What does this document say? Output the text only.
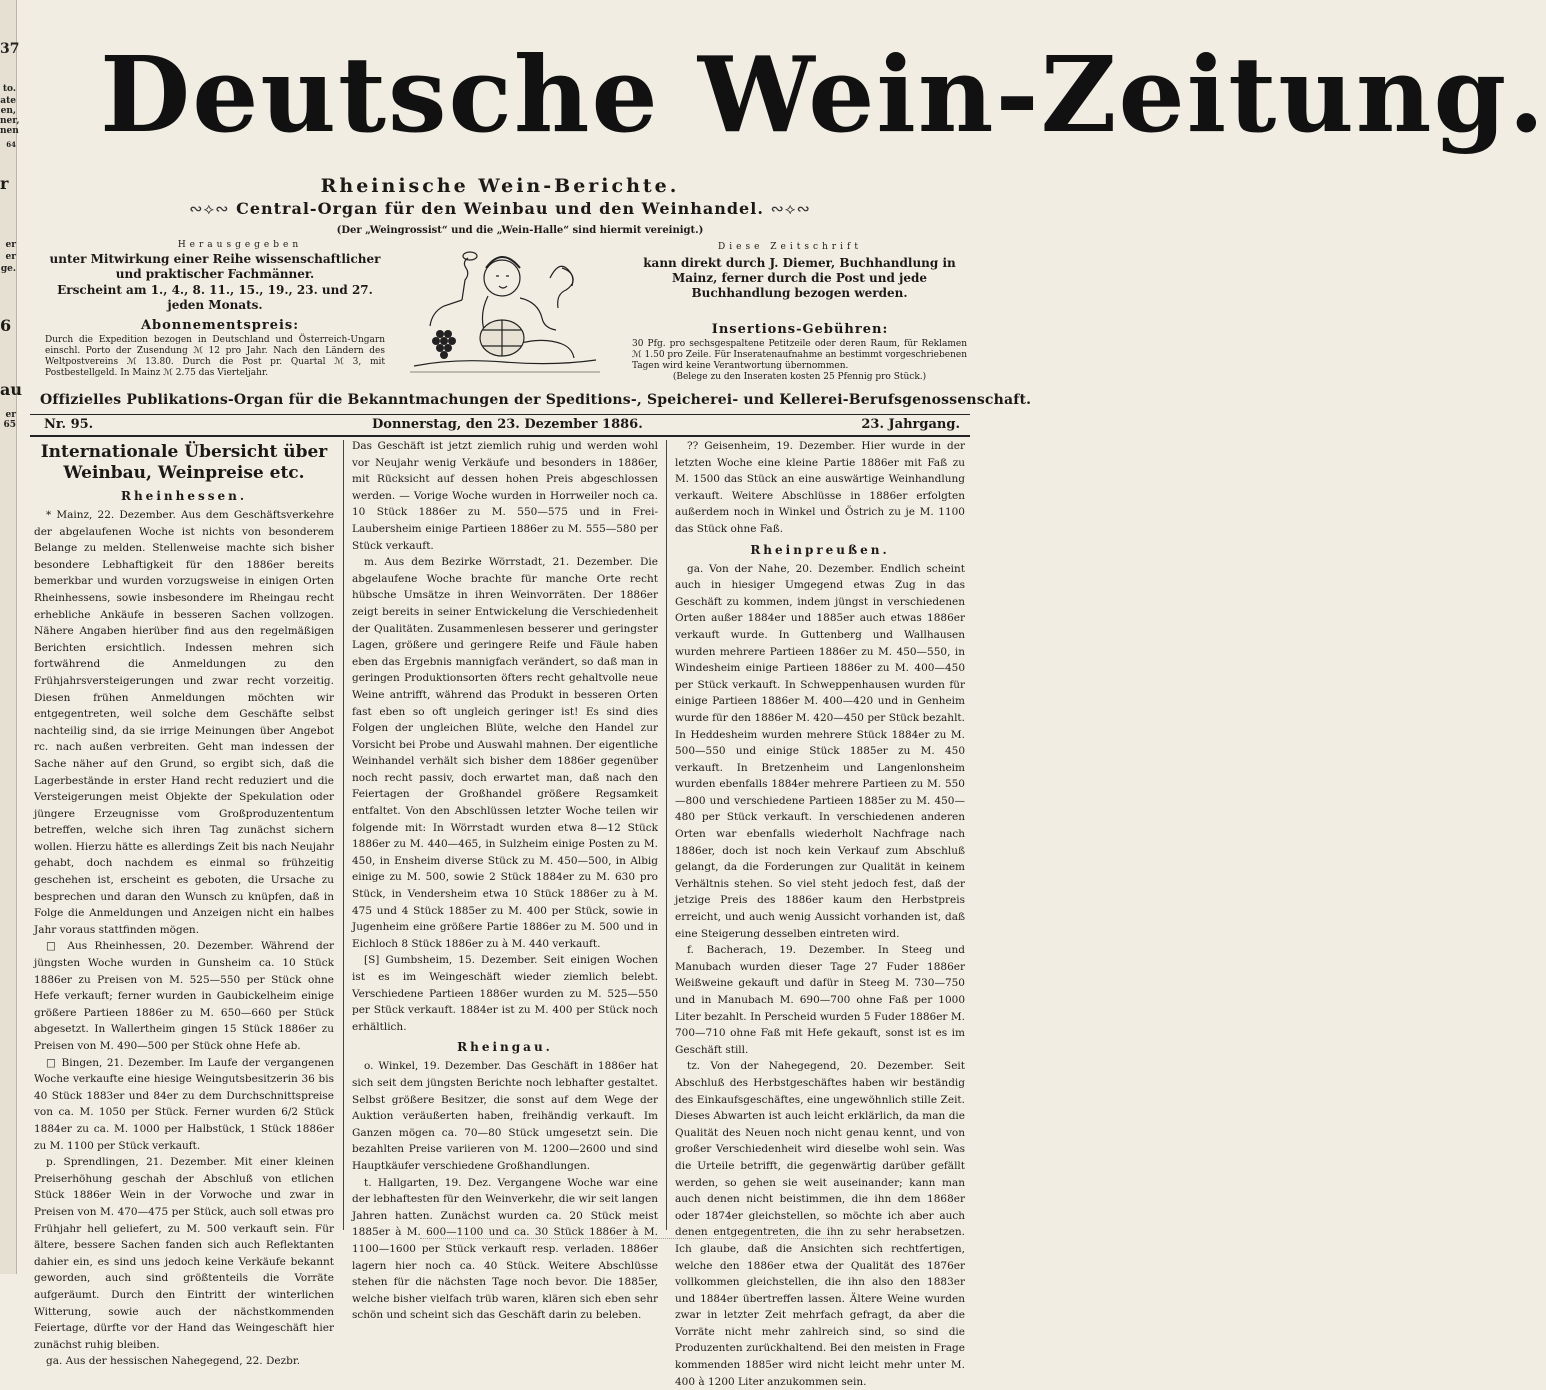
37
to.
ate
en,
ner,
nen
64
r
er
er
ge.
6
au
er
65
Deutsche Wein-Zeitung.
Rheinische Wein-Berichte.
∾⟡∾ Central-Organ für den Weinbau und den Weinhandel. ∾⟡∾
(Der „Weingrossist“ und die „Wein-Halle“ sind hiermit vereinigt.)
Herausgegeben
unter Mitwirkung einer Reihe wissenschaftlicher und praktischer Fachmänner.
Erscheint am 1., 4., 8. 11., 15., 19., 23. und 27. jeden Monats.
Diese Zeitschrift
kann direkt durch J. Diemer, Buchhandlung in Mainz, ferner durch die Post und jede Buchhandlung bezogen werden.
Abonnementspreis:
Durch die Expedition bezogen in Deutschland und Österreich-Ungarn einschl. Porto der Zusendung ℳ 12 pro Jahr. Nach den Ländern des Weltpostvereins ℳ 13.80. Durch die Post pr. Quartal ℳ 3, mit Postbestellgeld. In Mainz ℳ 2.75 das Vierteljahr.
Insertions-Gebühren:
30 Pfg. pro sechsgespaltene Petitzeile oder deren Raum, für Reklamen ℳ 1.50 pro Zeile. Für Inseratenaufnahme an bestimmt vorgeschriebenen Tagen wird keine Verantwortung übernommen.
(Belege zu den Inseraten kosten 25 Pfennig pro Stück.)
Offizielles Publikations-Organ für die Bekanntmachungen der Speditions-, Speicherei- und Kellerei-Berufsgenossenschaft.
Nr. 95.	Donnerstag, den 23. Dezember 1886.	23. Jahrgang.
Internationale Übersicht über Weinbau, Weinpreise etc.
Rheinhessen.

* Mainz, 22. Dezember. Aus dem Geschäftsverkehre der abgelaufenen Woche ist nichts von besonderem Belange zu melden. Stellenweise machte sich bisher besondere Lebhaftigkeit für den 1886er bereits bemerkbar und wurden vorzugsweise in einigen Orten Rheinhessens, sowie insbesondere im Rheingau recht erhebliche Ankäufe in besseren Sachen vollzogen. Nähere Angaben hierüber find aus den regelmäßigen Berichten ersichtlich. Indessen mehren sich fortwährend die Anmeldungen zu den Frühjahrsversteigerungen und zwar recht vorzeitig. Diesen frühen Anmeldungen möchten wir entgegentreten, weil solche dem Geschäfte selbst nachteilig sind, da sie irrige Meinungen über Angebot rc. nach außen verbreiten. Geht man indessen der Sache näher auf den Grund, so ergibt sich, daß die Lagerbestände in erster Hand recht reduziert und die Versteigerungen meist Objekte der Spekulation oder jüngere Erzeugnisse vom Großproduzententum betreffen, welche sich ihren Tag zunächst sichern wollen. Hierzu hätte es allerdings Zeit bis nach Neujahr gehabt, doch nachdem es einmal so frühzeitig geschehen ist, erscheint es geboten, die Ursache zu besprechen und daran den Wunsch zu knüpfen, daß in Folge die Anmeldungen und Anzeigen nicht ein halbes Jahr voraus stattfinden mögen.

□ Aus Rheinhessen, 20. Dezember. Während der jüngsten Woche wurden in Gunsheim ca. 10 Stück 1886er zu Preisen von M. 525—550 per Stück ohne Hefe verkauft; ferner wurden in Gaubickelheim einige größere Partieen 1886er zu M. 650—660 per Stück abgesetzt. In Wallertheim gingen 15 Stück 1886er zu Preisen von M. 490—500 per Stück ohne Hefe ab.

□ Bingen, 21. Dezember. Im Laufe der vergangenen Woche verkaufte eine hiesige Weingutsbesitzerin 36 bis 40 Stück 1883er und 84er zu dem Durchschnittspreise von ca. M. 1050 per Stück. Ferner wurden 6/2 Stück 1884er zu ca. M. 1000 per Halbstück, 1 Stück 1886er zu M. 1100 per Stück verkauft.

p. Sprendlingen, 21. Dezember. Mit einer kleinen Preiserhöhung geschah der Abschluß von etlichen Stück 1886er Wein in der Vorwoche und zwar in Preisen von M. 470—475 per Stück, auch soll etwas pro Frühjahr hell geliefert, zu M. 500 verkauft sein. Für ältere, bessere Sachen fanden sich auch Reflektanten dahier ein, es sind uns jedoch keine Verkäufe bekannt geworden, auch sind größtenteils die Vorräte aufgeräumt. Durch den Eintritt der winterlichen Witterung, sowie auch der nächstkommenden Feiertage, dürfte vor der Hand das Weingeschäft hier zunächst ruhig bleiben.

ga. Aus der hessischen Nahegegend, 22. Dezbr.

Das Geschäft ist jetzt ziemlich ruhig und werden wohl vor Neujahr wenig Verkäufe und besonders in 1886er, mit Rücksicht auf dessen hohen Preis abgeschlossen werden. — Vorige Woche wurden in Horrweiler noch ca. 10 Stück 1886er zu M. 550—575 und in Frei-Laubersheim einige Partieen 1886er zu M. 555—580 per Stück verkauft.

m. Aus dem Bezirke Wörrstadt, 21. Dezember. Die abgelaufene Woche brachte für manche Orte recht hübsche Umsätze in ihren Weinvorräten. Der 1886er zeigt bereits in seiner Entwickelung die Verschiedenheit der Qualitäten. Zusammenlesen besserer und geringster Lagen, größere und geringere Reife und Fäule haben eben das Ergebnis mannigfach verändert, so daß man in geringen Produktionsorten öfters recht gehaltvolle neue Weine antrifft, während das Produkt in besseren Orten fast eben so oft ungleich geringer ist! Es sind dies Folgen der ungleichen Blüte, welche den Handel zur Vorsicht bei Probe und Auswahl mahnen. Der eigentliche Weinhandel verhält sich bisher dem 1886er gegenüber noch recht passiv, doch erwartet man, daß nach den Feiertagen der Großhandel größere Regsamkeit entfaltet. Von den Abschlüssen letzter Woche teilen wir folgende mit: In Wörrstadt wurden etwa 8—12 Stück 1886er zu M. 440—465, in Sulzheim einige Posten zu M. 450, in Ensheim diverse Stück zu M. 450—500, in Albig einige zu M. 500, sowie 2 Stück 1884er zu M. 630 pro Stück, in Vendersheim etwa 10 Stück 1886er zu à M. 475 und 4 Stück 1885er zu M. 400 per Stück, sowie in Jugenheim eine größere Partie 1886er zu M. 500 und in Eichloch 8 Stück 1886er zu à M. 440 verkauft.

[S] Gumbsheim, 15. Dezember. Seit einigen Wochen ist es im Weingeschäft wieder ziemlich belebt. Verschiedene Partieen 1886er wurden zu M. 525—550 per Stück verkauft. 1884er ist zu M. 400 per Stück noch erhältlich.

Rheingau.

o. Winkel, 19. Dezember. Das Geschäft in 1886er hat sich seit dem jüngsten Berichte noch lebhafter gestaltet. Selbst größere Besitzer, die sonst auf dem Wege der Auktion veräußerten haben, freihändig verkauft. Im Ganzen mögen ca. 70—80 Stück umgesetzt sein. Die bezahlten Preise variieren von M. 1200—2600 und sind Hauptkäufer verschiedene Großhandlungen.

t. Hallgarten, 19. Dez. Vergangene Woche war eine der lebhaftesten für den Weinverkehr, die wir seit langen Jahren hatten. Zunächst wurden ca. 20 Stück meist 1885er à M. 600—1100 und ca. 30 Stück 1886er à M. 1100—1600 per Stück verkauft resp. verladen. 1886er lagern hier noch ca. 40 Stück. Weitere Abschlüsse stehen für die nächsten Tage noch bevor. Die 1885er, welche bisher vielfach trüb waren, klären sich eben sehr schön und scheint sich das Geschäft darin zu beleben.

?? Geisenheim, 19. Dezember. Hier wurde in der letzten Woche eine kleine Partie 1886er mit Faß zu M. 1500 das Stück an eine auswärtige Weinhandlung verkauft. Weitere Abschlüsse in 1886er erfolgten außerdem noch in Winkel und Östrich zu je M. 1100 das Stück ohne Faß.

Rheinpreußen.

ga. Von der Nahe, 20. Dezember. Endlich scheint auch in hiesiger Umgegend etwas Zug in das Geschäft zu kommen, indem jüngst in verschiedenen Orten außer 1884er und 1885er auch etwas 1886er verkauft wurde. In Guttenberg und Wallhausen wurden mehrere Partieen 1886er zu M. 450—550, in Windesheim einige Partieen 1886er zu M. 400—450 per Stück verkauft. In Schweppenhausen wurden für einige Partieen 1886er M. 400—420 und in Genheim wurde für den 1886er M. 420—450 per Stück bezahlt. In Heddesheim wurden mehrere Stück 1884er zu M. 500—550 und einige Stück 1885er zu M. 450 verkauft. In Bretzenheim und Langenlonsheim wurden ebenfalls 1884er mehrere Partieen zu M. 550—800 und verschiedene Partieen 1885er zu M. 450—480 per Stück verkauft. In verschiedenen anderen Orten war ebenfalls wiederholt Nachfrage nach 1886er, doch ist noch kein Verkauf zum Abschluß gelangt, da die Forderungen zur Qualität in keinem Verhältnis stehen. So viel steht jedoch fest, daß der jetzige Preis des 1886er kaum den Herbstpreis erreicht, und auch wenig Aussicht vorhanden ist, daß eine Steigerung desselben eintreten wird.

f. Bacherach, 19. Dezember. In Steeg und Manubach wurden dieser Tage 27 Fuder 1886er Weißweine gekauft und dafür in Steeg M. 730—750 und in Manubach M. 690—700 ohne Faß per 1000 Liter bezahlt. In Perscheid wurden 5 Fuder 1886er M. 700—710 ohne Faß mit Hefe gekauft, sonst ist es im Geschäft still.

tz. Von der Nahegegend, 20. Dezember. Seit Abschluß des Herbstgeschäftes haben wir beständig des Einkaufsgeschäftes, eine ungewöhnlich stille Zeit. Dieses Abwarten ist auch leicht erklärlich, da man die Qualität des Neuen noch nicht genau kennt, und von großer Verschiedenheit wird dieselbe wohl sein. Was die Urteile betrifft, die gegenwärtig darüber gefällt werden, so gehen sie weit auseinander; kann man auch denen nicht beistimmen, die ihn dem 1868er oder 1874er gleichstellen, so möchte ich aber auch denen entgegentreten, die ihn zu sehr herabsetzen. Ich glaube, daß die Ansichten sich rechtfertigen, welche den 1886er etwa der Qualität des 1876er vollkommen gleichstellen, die ihn also den 1883er und 1884er übertreffen lassen. Ältere Weine wurden zwar in letzter Zeit mehrfach gefragt, da aber die Vorräte nicht mehr zahlreich sind, so sind die Produzenten zurückhaltend. Bei den meisten in Frage kommenden 1885er wird nicht leicht mehr unter M. 400 à 1200 Liter anzukommen sein.
